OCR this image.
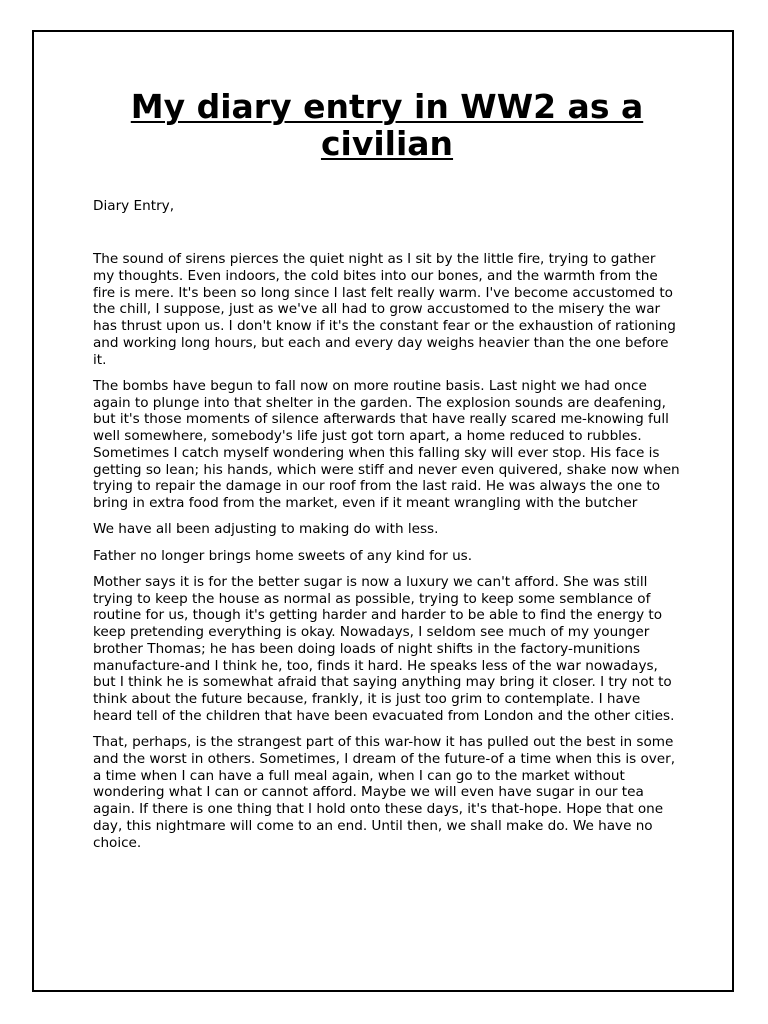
My diary entry in WW2 as a civilian

Diary Entry,

The sound of sirens pierces the quiet night as I sit by the little fire, trying to gather my thoughts. Even indoors, the cold bites into our bones, and the warmth from the fire is mere. It's been so long since I last felt really warm. I've become accustomed to the chill, I suppose, just as we've all had to grow accustomed to the misery the war has thrust upon us. I don't know if it's the constant fear or the exhaustion of rationing and working long hours, but each and every day weighs heavier than the one before it.

The bombs have begun to fall now on more routine basis. Last night we had once again to plunge into that shelter in the garden. The explosion sounds are deafening, but it's those moments of silence afterwards that have really scared me-knowing full well somewhere, somebody's life just got torn apart, a home reduced to rubbles. Sometimes I catch myself wondering when this falling sky will ever stop. His face is getting so lean; his hands, which were stiff and never even quivered, shake now when trying to repair the damage in our roof from the last raid. He was always the one to bring in extra food from the market, even if it meant wrangling with the butcher

We have all been adjusting to making do with less.

Father no longer brings home sweets of any kind for us.

Mother says it is for the better sugar is now a luxury we can't afford. She was still trying to keep the house as normal as possible, trying to keep some semblance of routine for us, though it's getting harder and harder to be able to find the energy to keep pretending everything is okay. Nowadays, I seldom see much of my younger brother Thomas; he has been doing loads of night shifts in the factory-munitions manufacture-and I think he, too, finds it hard. He speaks less of the war nowadays, but I think he is somewhat afraid that saying anything may bring it closer. I try not to think about the future because, frankly, it is just too grim to contemplate. I have heard tell of the children that have been evacuated from London and the other cities.

That, perhaps, is the strangest part of this war-how it has pulled out the best in some and the worst in others. Sometimes, I dream of the future-of a time when this is over, a time when I can have a full meal again, when I can go to the market without wondering what I can or cannot afford. Maybe we will even have sugar in our tea again. If there is one thing that I hold onto these days, it's that-hope. Hope that one day, this nightmare will come to an end. Until then, we shall make do. We have no choice.
